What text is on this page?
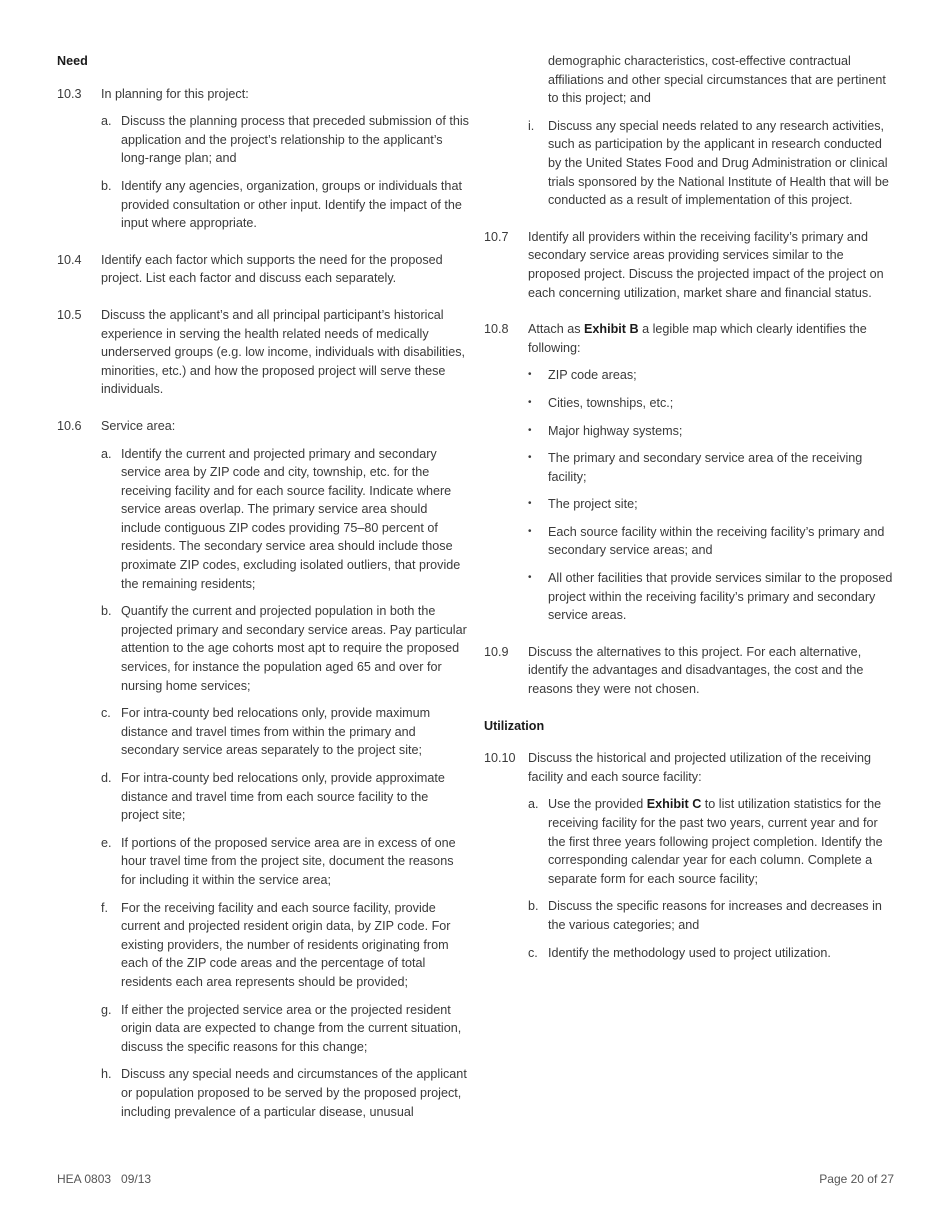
Need
10.3 In planning for this project:
a. Discuss the planning process that preceded submission of this application and the project’s relationship to the applicant’s long-range plan; and
b. Identify any agencies, organization, groups or individuals that provided consultation or other input. Identify the impact of the input where appropriate.
10.4 Identify each factor which supports the need for the proposed project. List each factor and discuss each separately.
10.5 Discuss the applicant’s and all principal participant’s historical experience in serving the health related needs of medically underserved groups (e.g. low income, individuals with disabilities, minorities, etc.) and how the proposed project will serve these individuals.
10.6 Service area:
a. Identify the current and projected primary and secondary service area by ZIP code and city, township, etc. for the receiving facility and for each source facility. Indicate where service areas overlap. The primary service area should include contiguous ZIP codes providing 75–80 percent of residents. The secondary service area should include those proximate ZIP codes, excluding isolated outliers, that provide the remaining residents;
b. Quantify the current and projected population in both the projected primary and secondary service areas. Pay particular attention to the age cohorts most apt to require the proposed services, for instance the population aged 65 and over for nursing home services;
c. For intra-county bed relocations only, provide maximum distance and travel times from within the primary and secondary service areas separately to the project site;
d. For intra-county bed relocations only, provide approximate distance and travel time from each source facility to the project site;
e. If portions of the proposed service area are in excess of one hour travel time from the project site, document the reasons for including it within the service area;
f. For the receiving facility and each source facility, provide current and projected resident origin data, by ZIP code. For existing providers, the number of residents originating from each of the ZIP code areas and the percentage of total residents each area represents should be provided;
g. If either the projected service area or the projected resident origin data are expected to change from the current situation, discuss the specific reasons for this change;
h. Discuss any special needs and circumstances of the applicant or population proposed to be served by the proposed project, including prevalence of a particular disease, unusual
demographic characteristics, cost-effective contractual affiliations and other special circumstances that are pertinent to this project; and
i. Discuss any special needs related to any research activities, such as participation by the applicant in research conducted by the United States Food and Drug Administration or clinical trials sponsored by the National Institute of Health that will be conducted as a result of implementation of this project.
10.7 Identify all providers within the receiving facility’s primary and secondary service areas providing services similar to the proposed project. Discuss the projected impact of the project on each concerning utilization, market share and financial status.
10.8 Attach as Exhibit B a legible map which clearly identifies the following:
• ZIP code areas;
• Cities, townships, etc.;
• Major highway systems;
• The primary and secondary service area of the receiving facility;
• The project site;
• Each source facility within the receiving facility’s primary and secondary service areas; and
• All other facilities that provide services similar to the proposed project within the receiving facility’s primary and secondary service areas.
10.9 Discuss the alternatives to this project. For each alternative, identify the advantages and disadvantages, the cost and the reasons they were not chosen.
Utilization
10.10 Discuss the historical and projected utilization of the receiving facility and each source facility:
a. Use the provided Exhibit C to list utilization statistics for the receiving facility for the past two years, current year and for the first three years following project completion. Identify the corresponding calendar year for each column. Complete a separate form for each source facility;
b. Discuss the specific reasons for increases and decreases in the various categories; and
c. Identify the methodology used to project utilization.
HEA 0803   09/13	Page 20 of 27
